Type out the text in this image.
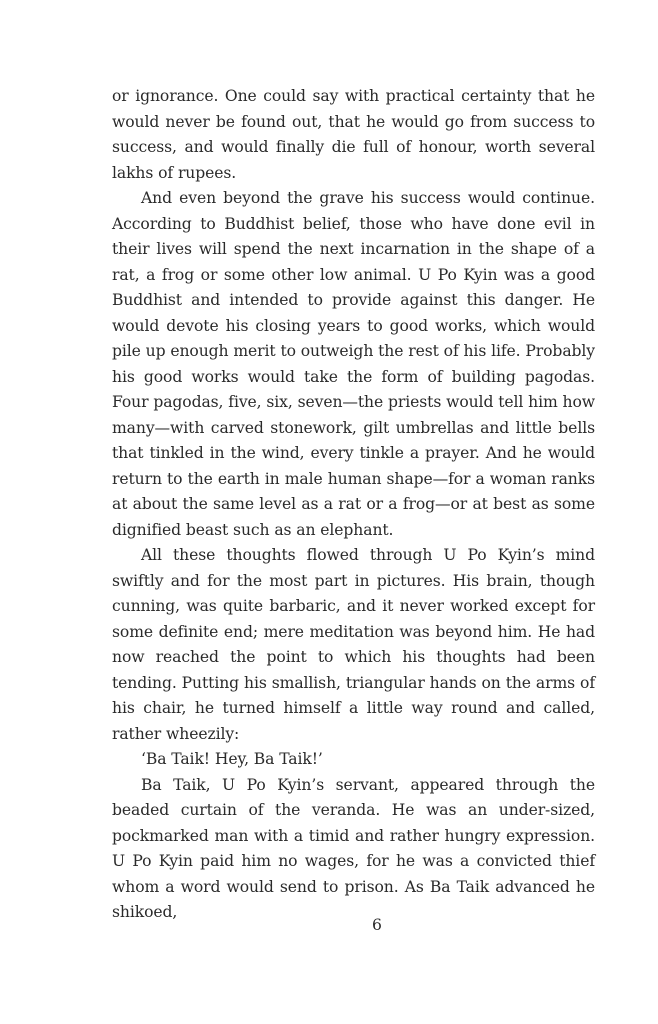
or ignorance. One could say with practical certainty that he would never be found out, that he would go from success to success, and would finally die full of honour, worth several lakhs of rupees.

And even beyond the grave his success would continue. According to Buddhist belief, those who have done evil in their lives will spend the next incarnation in the shape of a rat, a frog or some other low animal. U Po Kyin was a good Buddhist and intended to provide against this danger. He would devote his closing years to good works, which would pile up enough merit to outweigh the rest of his life. Probably his good works would take the form of building pagodas. Four pagodas, five, six, seven—the priests would tell him how many—with carved stonework, gilt umbrellas and little bells that tinkled in the wind, every tinkle a prayer. And he would return to the earth in male human shape—for a woman ranks at about the same level as a rat or a frog—or at best as some dignified beast such as an elephant.

All these thoughts flowed through U Po Kyin’s mind swiftly and for the most part in pictures. His brain, though cunning, was quite barbaric, and it never worked except for some definite end; mere meditation was beyond him. He had now reached the point to which his thoughts had been tending. Putting his smallish, triangular hands on the arms of his chair, he turned himself a little way round and called, rather wheezily:

‘Ba Taik! Hey, Ba Taik!’

Ba Taik, U Po Kyin’s servant, appeared through the beaded curtain of the veranda. He was an under-sized, pockmarked man with a timid and rather hungry expression. U Po Kyin paid him no wages, for he was a convicted thief whom a word would send to prison. As Ba Taik advanced he shikoed,

6
